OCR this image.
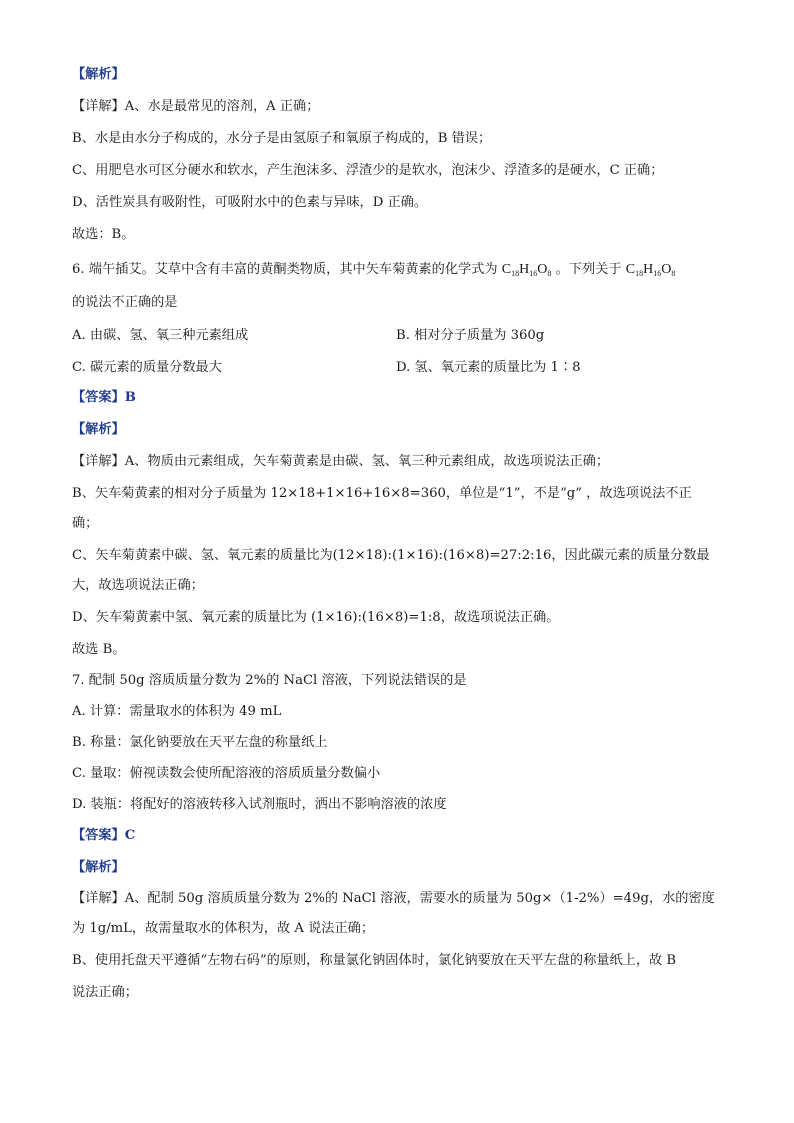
【解析】
【详解】A、水是最常见的溶剂，A 正确；
B、水是由水分子构成的，水分子是由氢原子和氧原子构成的，B 错误；
C、用肥皂水可区分硬水和软水，产生泡沫多、浮渣少的是软水，泡沫少、浮渣多的是硬水，C 正确；
D、活性炭具有吸附性，可吸附水中的色素与异味，D 正确。
故选：B。
6. 端午插艾。艾草中含有丰富的黄酮类物质，其中矢车菊黄素的化学式为 $C_{18}H_{16}O_8$ 。下列关于 $C_{18}H_{16}O_8$
的说法不正确的是
A. 由碳、氢、氧三种元素组成	B. 相对分子质量为 360g
C. 碳元素的质量分数最大	D. 氢、氧元素的质量比为 1∶8
【答案】B
【解析】
【详解】A、物质由元素组成，矢车菊黄素是由碳、氢、氧三种元素组成，故选项说法正确；
B、矢车菊黄素的相对分子质量为 12×18+1×16+16×8=360，单位是“1”，不是“g” ，故选项说法不正
确；
C、矢车菊黄素中碳、氢、氧元素的质量比为(12×18):(1×16):(16×8)=27:2:16，因此碳元素的质量分数最
大，故选项说法正确；
D、矢车菊黄素中氢、氧元素的质量比为 (1×16):(16×8)=1:8，故选项说法正确。
故选 B。
7. 配制 50g 溶质质量分数为 2%的 NaCl 溶液，下列说法错误的是
A. 计算：需量取水的体积为 49 mL
B. 称量：氯化钠要放在天平左盘的称量纸上
C. 量取：俯视读数会使所配溶液的溶质质量分数偏小
D. 装瓶：将配好的溶液转移入试剂瓶时，洒出不影响溶液的浓度
【答案】C
【解析】
【详解】A、配制 50g 溶质质量分数为 2%的 NaCl 溶液，需要水的质量为 50g×（1-2%）=49g，水的密度
为 1g/mL，故需量取水的体积为，故 A 说法正确；
B、使用托盘天平遵循“左物右码”的原则，称量氯化钠固体时，氯化钠要放在天平左盘的称量纸上，故 B
说法正确；
